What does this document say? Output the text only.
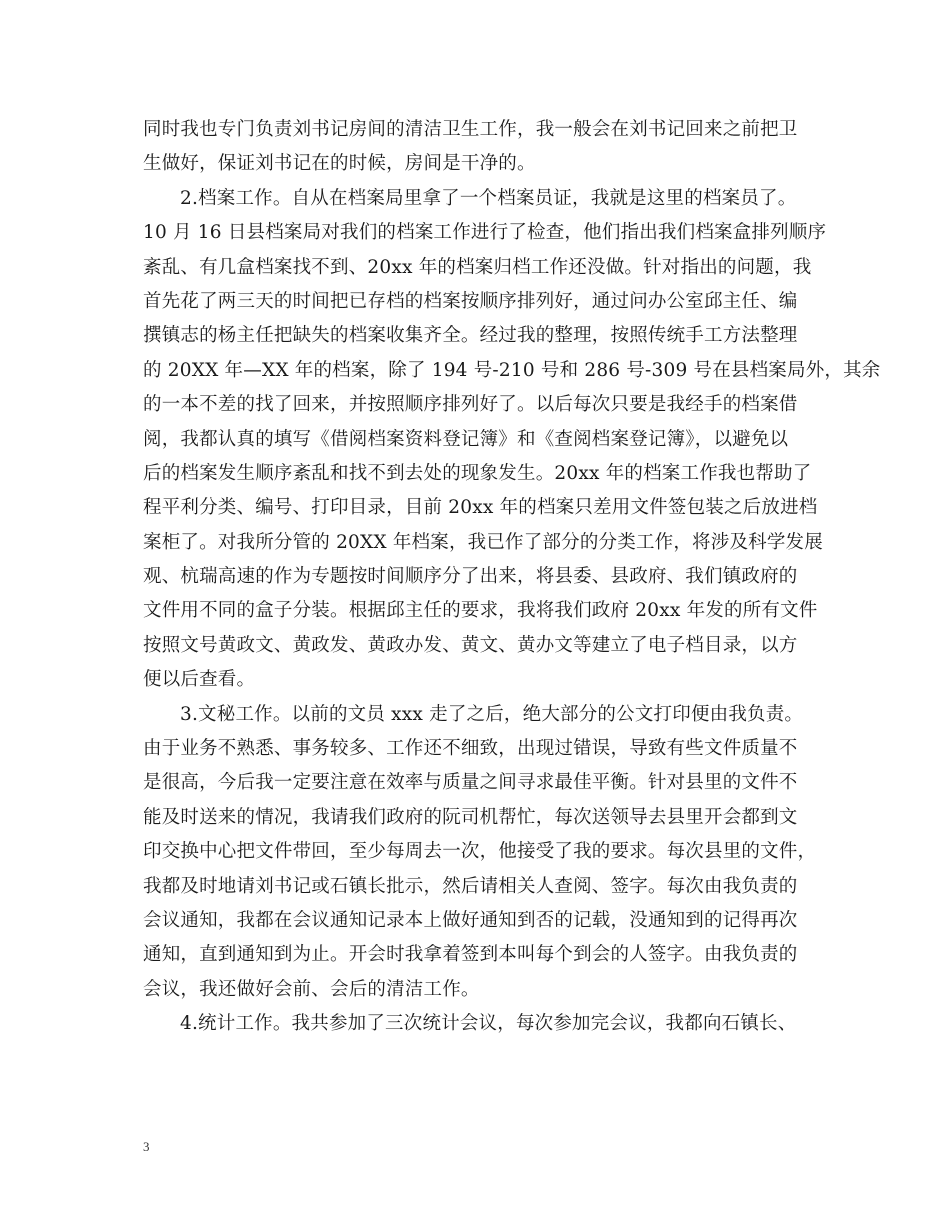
同时我也专门负责刘书记房间的清洁卫生工作，我一般会在刘书记回来之前把卫
生做好，保证刘书记在的时候，房间是干净的。
2.档案工作。自从在档案局里拿了一个档案员证，我就是这里的档案员了。
10 月 16 日县档案局对我们的档案工作进行了检查，他们指出我们档案盒排列顺序
紊乱、有几盒档案找不到、20xx 年的档案归档工作还没做。针对指出的问题，我
首先花了两三天的时间把已存档的档案按顺序排列好，通过问办公室邱主任、编
撰镇志的杨主任把缺失的档案收集齐全。经过我的整理，按照传统手工方法整理
的 20XX 年—XX 年的档案，除了 194 号-210 号和 286 号-309 号在县档案局外，其余
的一本不差的找了回来，并按照顺序排列好了。以后每次只要是我经手的档案借
阅，我都认真的填写《借阅档案资料登记簿》和《查阅档案登记簿》，以避免以
后的档案发生顺序紊乱和找不到去处的现象发生。20xx 年的档案工作我也帮助了
程平利分类、编号、打印目录，目前 20xx 年的档案只差用文件签包装之后放进档
案柜了。对我所分管的 20XX 年档案，我已作了部分的分类工作，将涉及科学发展
观、杭瑞高速的作为专题按时间顺序分了出来，将县委、县政府、我们镇政府的
文件用不同的盒子分装。根据邱主任的要求，我将我们政府 20xx 年发的所有文件
按照文号黄政文、黄政发、黄政办发、黄文、黄办文等建立了电子档目录，以方
便以后查看。
3.文秘工作。以前的文员 xxx 走了之后，绝大部分的公文打印便由我负责。
由于业务不熟悉、事务较多、工作还不细致，出现过错误，导致有些文件质量不
是很高，今后我一定要注意在效率与质量之间寻求最佳平衡。针对县里的文件不
能及时送来的情况，我请我们政府的阮司机帮忙，每次送领导去县里开会都到文
印交换中心把文件带回，至少每周去一次，他接受了我的要求。每次县里的文件，
我都及时地请刘书记或石镇长批示，然后请相关人查阅、签字。每次由我负责的
会议通知，我都在会议通知记录本上做好通知到否的记载，没通知到的记得再次
通知，直到通知到为止。开会时我拿着签到本叫每个到会的人签字。由我负责的
会议，我还做好会前、会后的清洁工作。
4.统计工作。我共参加了三次统计会议，每次参加完会议，我都向石镇长、
3
